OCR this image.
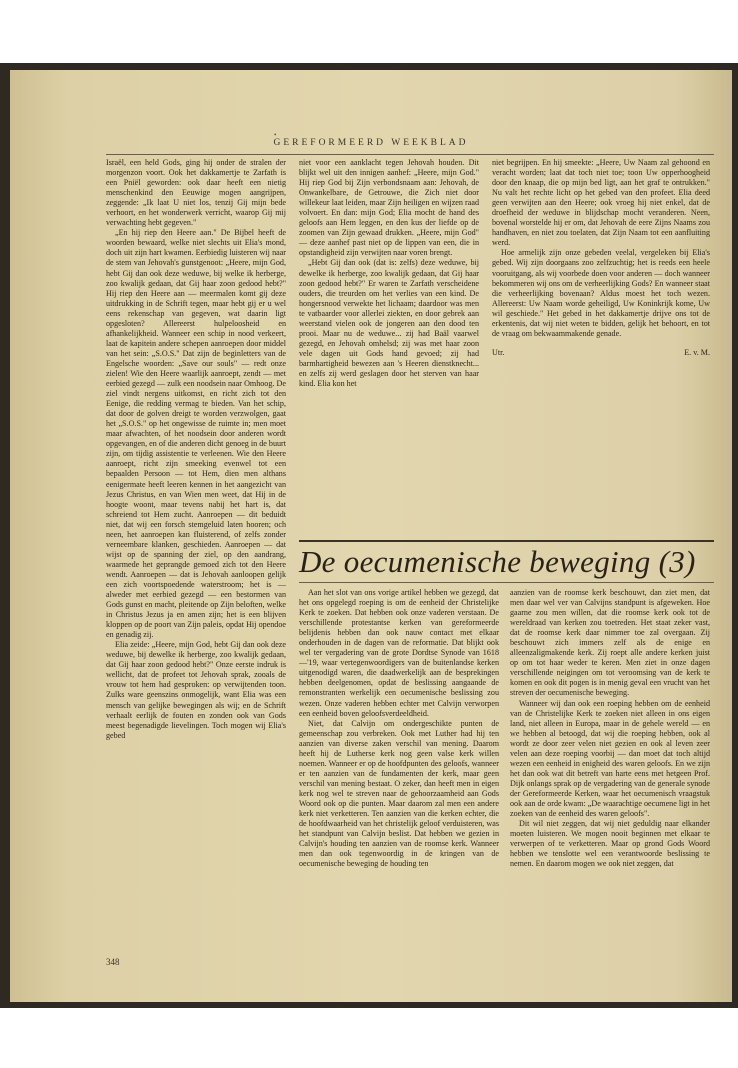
•
GEREFORMEERD WEEKBLAD

Israël, een held Gods, ging hij onder de stralen der morgenzon voort. Ook het dakkamertje te Zarfath is een Pniël geworden: ook daar heeft een nietig menschenkind den Eeuwige mogen aangrijpen, zeggende: „Ik laat U niet los, tenzij Gij mijn bede verhoort, en het wonderwerk verricht, waarop Gij mij verwachting hebt gegeven."

„En hij riep den Heere aan." De Bijbel heeft de woorden bewaard, welke niet slechts uit Elia's mond, doch uit zijn hart kwamen. Eerbiedig luisteren wij naar de stem van Jehovah's gunstgenoot: „Heere, mijn God, hebt Gij dan ook deze weduwe, bij welke ik herberge, zoo kwalijk gedaan, dat Gij haar zoon gedood hebt?" Hij riep den Heere aan — meermalen komt gij deze uitdrukking in de Schrift tegen, maar hebt gij er u wel eens rekenschap van gegeven, wat daarin ligt opgesloten? Allereerst hulpeloosheid en afhankelijkheid. Wanneer een schip in nood verkeert, laat de kapitein andere schepen aanroepen door middel van het sein: „S.O.S." Dat zijn de beginletters van de Engelsche woorden: „Save our souls" — redt onze zielen! Wie den Heere waarlijk aanroept, zendt — met eerbied gezegd — zulk een noodsein naar Omhoog. De ziel vindt nergens uitkomst, en richt zich tot den Eenige, die redding vermag te bieden. Van het schip, dat door de golven dreigt te worden verzwolgen, gaat het „S.O.S." op het ongewisse de ruimte in; men moet maar afwachten, of het noodsein door anderen wordt opgevangen, en of die anderen dicht genoeg in de buurt zijn, om tijdig assistentie te verleenen. Wie den Heere aanroept, richt zijn smeeking evenwel tot een bepaalden Persoon — tot Hem, dien men althans eenigermate heeft leeren kennen in het aangezicht van Jezus Christus, en van Wien men weet, dat Hij in de hoogte woont, maar tevens nabij het hart is, dat schreiend tot Hem zucht. Aanroepen — dit beduidt niet, dat wij een forsch stemgeluid laten hooren; och neen, het aanroepen kan fluisterend, of zelfs zonder verneembare klanken, geschieden. Aanroepen — dat wijst op de spanning der ziel, op den aandrang, waarmede het geprangde gemoed zich tot den Heere wendt. Aanroepen — dat is Jehovah aanloopen gelijk een zich voortspoedende waterstroom; het is — alweder met eerbied gezegd — een bestormen van Gods gunst en macht, pleitende op Zijn beloften, welke in Christus Jezus ja en amen zijn; het is een blijven kloppen op de poort van Zijn paleis, opdat Hij opendoe en genadig zij.

Elia zeide: „Heere, mijn God, hebt Gij dan ook deze weduwe, bij dewelke ik herberge, zoo kwalijk gedaan, dat Gij haar zoon gedood hebt?" Onze eerste indruk is wellicht, dat de profeet tot Jehovah sprak, zooals de vrouw tot hem had gesproken: op verwijtenden toon. Zulks ware geenszins onmogelijk, want Elia was een mensch van gelijke bewegingen als wij; en de Schrift verhaalt eerlijk de fouten en zonden ook van Gods meest begenadigde lievelingen. Toch mogen wij Elia's gebed

niet voor een aanklacht tegen Jehovah houden. Dit blijkt wel uit den innigen aanhef: „Heere, mijn God." Hij riep God bij Zijn verbondsnaam aan: Jehovah, de Onwankelbare, de Getrouwe, die Zich niet door willekeur laat leiden, maar Zijn heiligen en wijzen raad volvoert. En dan: mijn God; Elia mocht de hand des geloofs aan Hem leggen, en den kus der liefde op de zoomen van Zijn gewaad drukken. „Heere, mijn God" — deze aanhef past niet op de lippen van een, die in opstandigheid zijn verwijten naar voren brengt.

„Hebt Gij dan ook (dat is: zelfs) deze weduwe, bij dewelke ik herberge, zoo kwalijk gedaan, dat Gij haar zoon gedood hebt?" Er waren te Zarfath verscheidene ouders, die treurden om het verlies van een kind. De hongersnood verwekte het lichaam; daardoor was men te vatbaarder voor allerlei ziekten, en door gebrek aan weerstand vielen ook de jongeren aan den dood ten prooi. Maar nu de weduwe... zij had Baäl vaarwel gezegd, en Jehovah omhelsd; zij was met haar zoon vele dagen uit Gods hand gevoed; zij had barmhartigheid bewezen aan 's Heeren dienstknecht... en zelfs zij werd geslagen door het sterven van haar kind. Elia kon het

niet begrijpen. En hij smeekte: „Heere, Uw Naam zal gehoond en veracht worden; laat dat toch niet toe; toon Uw opperhoogheid door den knaap, die op mijn bed ligt, aan het graf te ontrukken." Nu valt het rechte licht op het gebed van den profeet. Elia deed geen verwijten aan den Heere; ook vroeg hij niet enkel, dat de droefheid der weduwe in blijdschap mocht veranderen. Neen, bovenal worstelde hij er om, dat Jehovah de eere Zijns Naams zou handhaven, en niet zou toelaten, dat Zijn Naam tot een aanfluiting werd.

Hoe armelijk zijn onze gebeden veelal, vergeleken bij Elia's gebed. Wij zijn doorgaans zoo zelfzuchtig; het is reeds een heele vooruitgang, als wij voorbede doen voor anderen — doch wanneer bekommeren wij ons om de verheerlijking Gods? En wanneer staat die verheerlijking bovenaan? Aldus moest het toch wezen. Allereerst: Uw Naam worde geheiligd, Uw Koninkrijk kome, Uw wil geschiede." Het gebed in het dakkamertje drijve ons tot de erkentenis, dat wij niet weten te bidden, gelijk het behoort, en tot de vraag om bekwaammakende genade.

Utr.	E. v. M.
De oecumenische beweging (3)

Aan het slot van ons vorige artikel hebben we gezegd, dat het ons opgelegd roeping is om de eenheid der Christelijke Kerk te zoeken. Dat hebben ook onze vaderen verstaan. De verschillende protestantse kerken van gereformeerde belijdenis hebben dan ook nauw contact met elkaar onderhouden in de dagen van de reformatie. Dat blijkt ook wel ter vergadering van de grote Dordtse Synode van 1618—'19, waar vertegenwoordigers van de buitenlandse kerken uitgenodigd waren, die daadwerkelijk aan de besprekingen hebben deelgenomen, opdat de beslissing aangaande de remonstranten werkelijk een oecumenische beslissing zou wezen. Onze vaderen hebben echter met Calvijn verworpen een eenheid boven geloofsverdeeldheid.

Niet, dat Calvijn om ondergeschikte punten de gemeenschap zou verbreken. Ook met Luther had hij ten aanzien van diverse zaken verschil van mening. Daarom heeft hij de Lutherse kerk nog geen valse kerk willen noemen. Wanneer er op de hoofdpunten des geloofs, wanneer er ten aanzien van de fundamenten der kerk, maar geen verschil van mening bestaat. O zeker, dan heeft men in eigen kerk nog wel te streven naar de gehoorzaamheid aan Gods Woord ook op die punten. Maar daarom zal men een andere kerk niet verketteren. Ten aanzien van die kerken echter, die de hoofdwaarheid van het christelijk geloof verduisteren, was het standpunt van Calvijn beslist. Dat hebben we gezien in Calvijn's houding ten aanzien van de roomse kerk. Wanneer men dan ook tegenwoordig in de kringen van de oecumenische beweging de houding ten

aanzien van de roomse kerk beschouwt, dan ziet men, dat men daar wel ver van Calvijns standpunt is afgeweken. Hoe gaarne zou men willen, dat die roomse kerk ook tot de wereldraad van kerken zou toetreden. Het staat zeker vast, dat de roomse kerk daar nimmer toe zal overgaan. Zij beschouwt zich immers zelf als de enige en alleenzaligmakende kerk. Zij roept alle andere kerken juist op om tot haar weder te keren. Men ziet in onze dagen verschillende neigingen om tot veroomsing van de kerk te komen en ook dit pogen is in menig geval een vrucht van het streven der oecumenische beweging.

Wanneer wij dan ook een roeping hebben om de eenheid van de Christelijke Kerk te zoeken niet alleen in ons eigen land, niet alleen in Europa, maar in de gehele wereld — en we hebben al betoogd, dat wij die roeping hebben, ook al wordt ze door zeer velen niet gezien en ook al leven zeer velen aan deze roeping voorbij — dan moet dat toch altijd wezen een eenheid in enigheid des waren geloofs. En we zijn het dan ook wat dit betreft van harte eens met hetgeen Prof. Dijk onlangs sprak op de vergadering van de generale synode der Gereformeerde Kerken, waar het oecumenisch vraagstuk ook aan de orde kwam: „De waarachtige oecumene ligt in het zoeken van de eenheid des waren geloofs".

Dit wil niet zeggen, dat wij niet geduldig naar elkander moeten luisteren. We mogen nooit beginnen met elkaar te verwerpen of te verketteren. Maar op grond Gods Woord hebben we tenslotte wel een verantwoorde beslissing te nemen. En daarom mogen we ook niet zeggen, dat

348
